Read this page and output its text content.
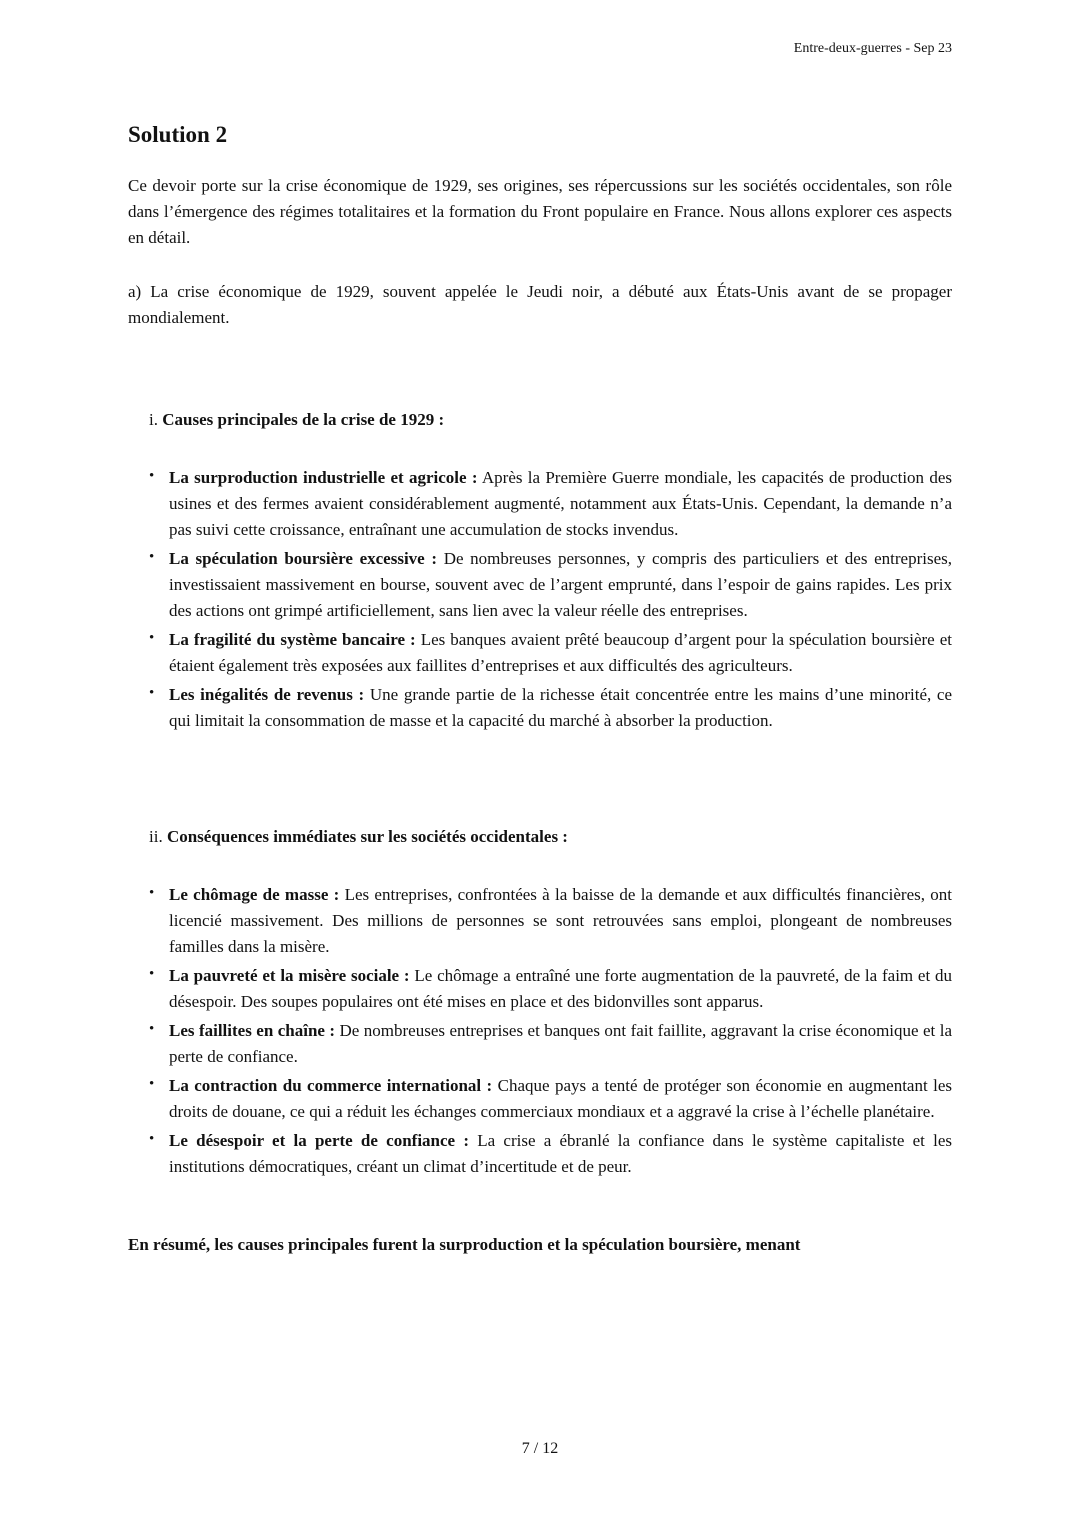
Entre-deux-guerres - Sep 23
Solution 2

Ce devoir porte sur la crise économique de 1929, ses origines, ses répercussions sur les sociétés occidentales, son rôle dans l’émergence des régimes totalitaires et la formation du Front populaire en France. Nous allons explorer ces aspects en détail.

a) La crise économique de 1929, souvent appelée le Jeudi noir, a débuté aux États-Unis avant de se propager mondialement.

i. Causes principales de la crise de 1929 :
• La surproduction industrielle et agricole : Après la Première Guerre mondiale, les capacités de production des usines et des fermes avaient considérablement augmenté, notamment aux États-Unis. Cependant, la demande n’a pas suivi cette croissance, entraînant une accumulation de stocks invendus.
• La spéculation boursière excessive : De nombreuses personnes, y compris des particuliers et des entreprises, investissaient massivement en bourse, souvent avec de l’argent emprunté, dans l’espoir de gains rapides. Les prix des actions ont grimpé artificiellement, sans lien avec la valeur réelle des entreprises.
• La fragilité du système bancaire : Les banques avaient prêté beaucoup d’argent pour la spéculation boursière et étaient également très exposées aux faillites d’entreprises et aux difficultés des agriculteurs.
• Les inégalités de revenus : Une grande partie de la richesse était concentrée entre les mains d’une minorité, ce qui limitait la consommation de masse et la capacité du marché à absorber la production.
ii. Conséquences immédiates sur les sociétés occidentales :
• Le chômage de masse : Les entreprises, confrontées à la baisse de la demande et aux difficultés financières, ont licencié massivement. Des millions de personnes se sont retrouvées sans emploi, plongeant de nombreuses familles dans la misère.
• La pauvreté et la misère sociale : Le chômage a entraîné une forte augmentation de la pauvreté, de la faim et du désespoir. Des soupes populaires ont été mises en place et des bidonvilles sont apparus.
• Les faillites en chaîne : De nombreuses entreprises et banques ont fait faillite, aggravant la crise économique et la perte de confiance.
• La contraction du commerce international : Chaque pays a tenté de protéger son économie en augmentant les droits de douane, ce qui a réduit les échanges commerciaux mondiaux et a aggravé la crise à l’échelle planétaire.
• Le désespoir et la perte de confiance : La crise a ébranlé la confiance dans le système capitaliste et les institutions démocratiques, créant un climat d’incertitude et de peur.

En résumé, les causes principales furent la surproduction et la spéculation boursière, menant

7 / 12
